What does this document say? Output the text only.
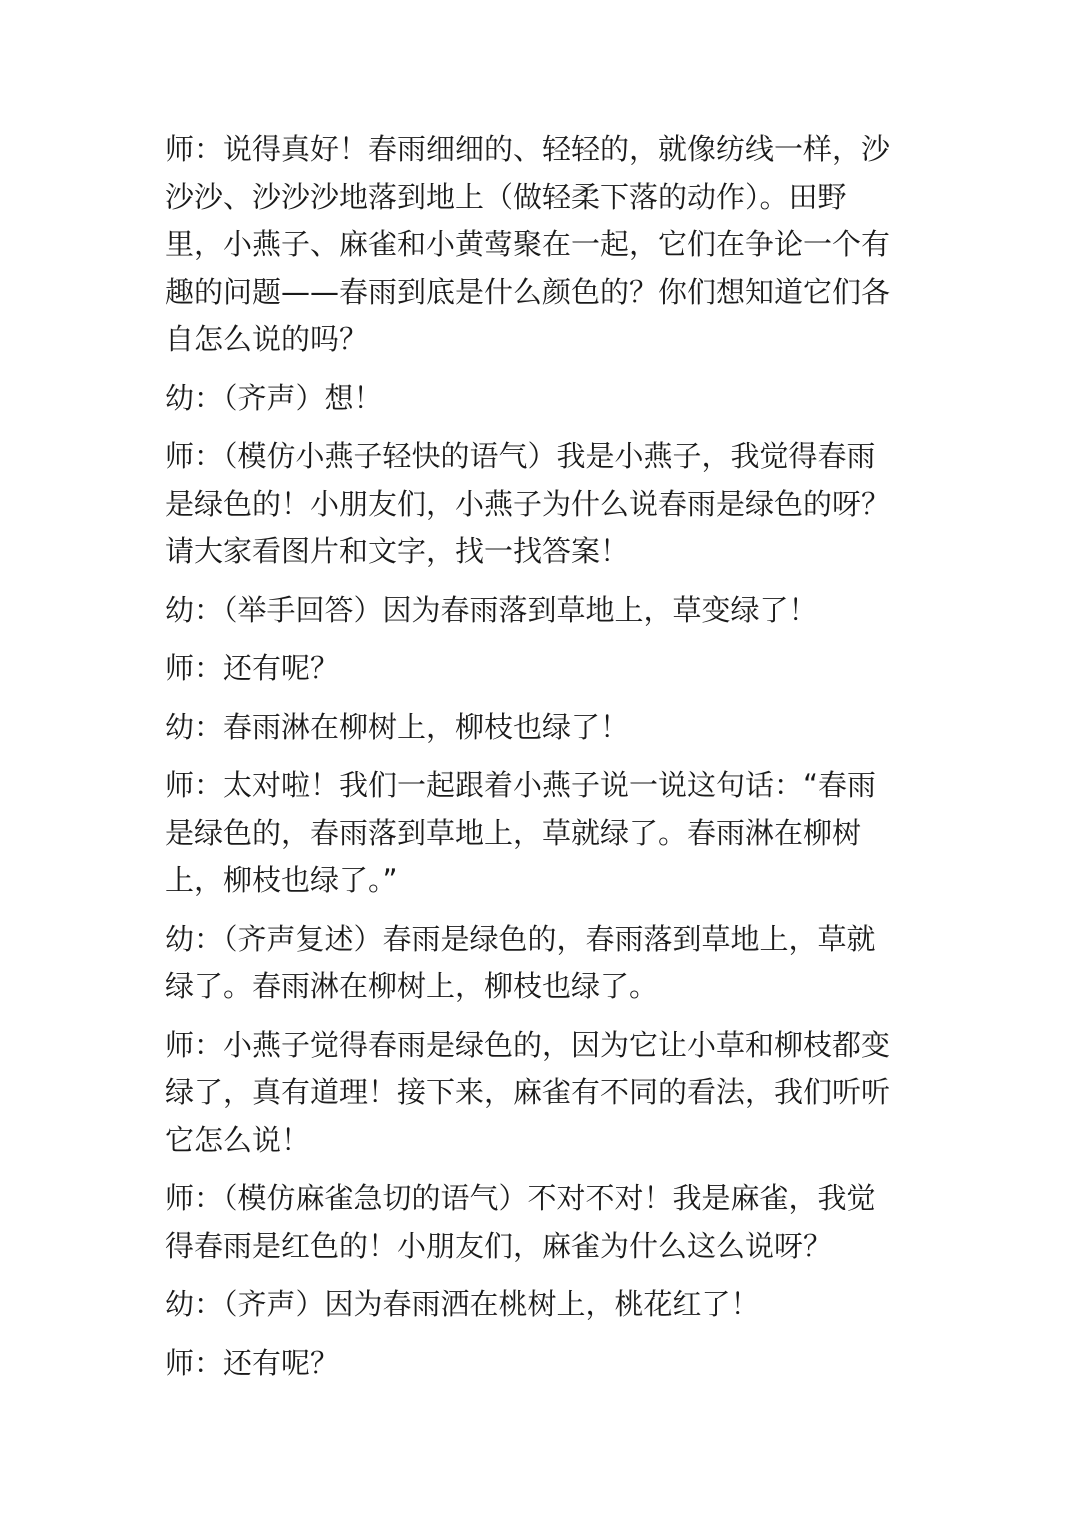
师：说得真好！春雨细细的、轻轻的，就像纺线一样，沙沙沙、沙沙沙地落到地上（做轻柔下落的动作）。田野里，小燕子、麻雀和小黄莺聚在一起，它们在争论一个有趣的问题——春雨到底是什么颜色的？你们想知道它们各自怎么说的吗？

幼：（齐声）想！

师：（模仿小燕子轻快的语气）我是小燕子，我觉得春雨是绿色的！小朋友们，小燕子为什么说春雨是绿色的呀？请大家看图片和文字，找一找答案！

幼：（举手回答）因为春雨落到草地上，草变绿了！

师：还有呢？

幼：春雨淋在柳树上，柳枝也绿了！

师：太对啦！我们一起跟着小燕子说一说这句话：“春雨是绿色的，春雨落到草地上，草就绿了。春雨淋在柳树上，柳枝也绿了。”

幼：（齐声复述）春雨是绿色的，春雨落到草地上，草就绿了。春雨淋在柳树上，柳枝也绿了。

师：小燕子觉得春雨是绿色的，因为它让小草和柳枝都变绿了，真有道理！接下来，麻雀有不同的看法，我们听听它怎么说！

师：（模仿麻雀急切的语气）不对不对！我是麻雀，我觉得春雨是红色的！小朋友们，麻雀为什么这么说呀？

幼：（齐声）因为春雨洒在桃树上，桃花红了！

师：还有呢？
